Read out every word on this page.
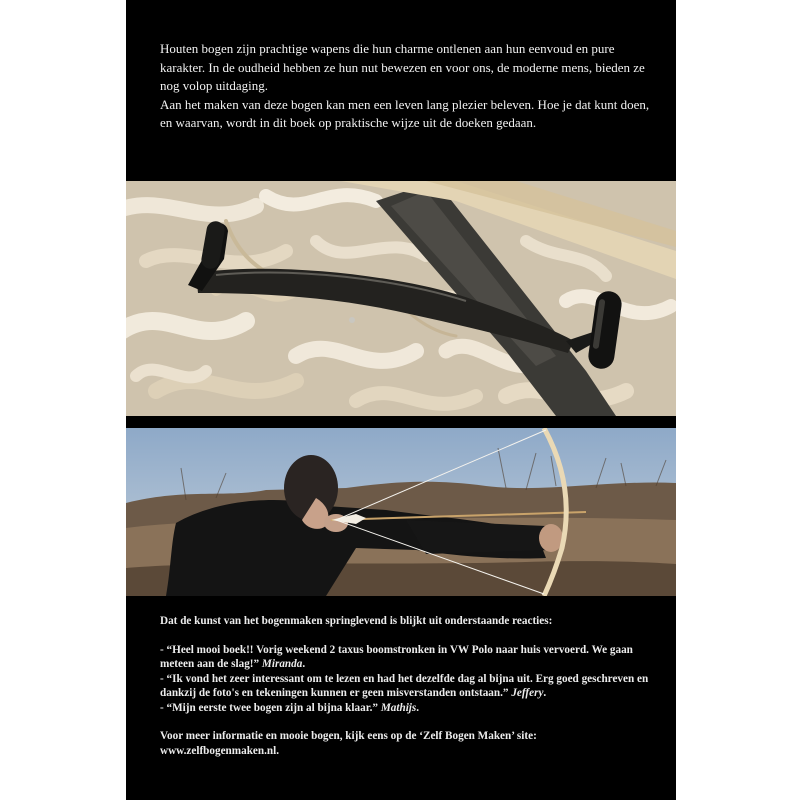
Houten bogen zijn prachtige wapens die hun charme ontlenen aan hun eenvoud en pure karakter. In de oudheid hebben ze hun nut bewezen en voor ons, de moderne mens, bieden ze nog volop uitdaging.

Aan het maken van deze bogen kan men een leven lang plezier beleven. Hoe je dat kunt doen, en waarvan, wordt in dit boek op praktische wijze uit de doeken gedaan.

Dat de kunst van het bogenmaken springlevend is blijkt uit onderstaande reacties:

- “Heel mooi boek!! Vorig weekend 2 taxus boomstronken in VW Polo naar huis vervoerd. We gaan meteen aan de slag!” Miranda.

- “Ik vond het zeer interessant om te lezen en had het dezelfde dag al bijna uit. Erg goed geschreven en dankzij de foto's en tekeningen kunnen er geen misverstanden ontstaan.” Jeffery.

- “Mijn eerste twee bogen zijn al bijna klaar.” Mathijs.

Voor meer informatie en mooie bogen, kijk eens op de ‘Zelf Bogen Maken’ site:

www.zelfbogenmaken.nl.
